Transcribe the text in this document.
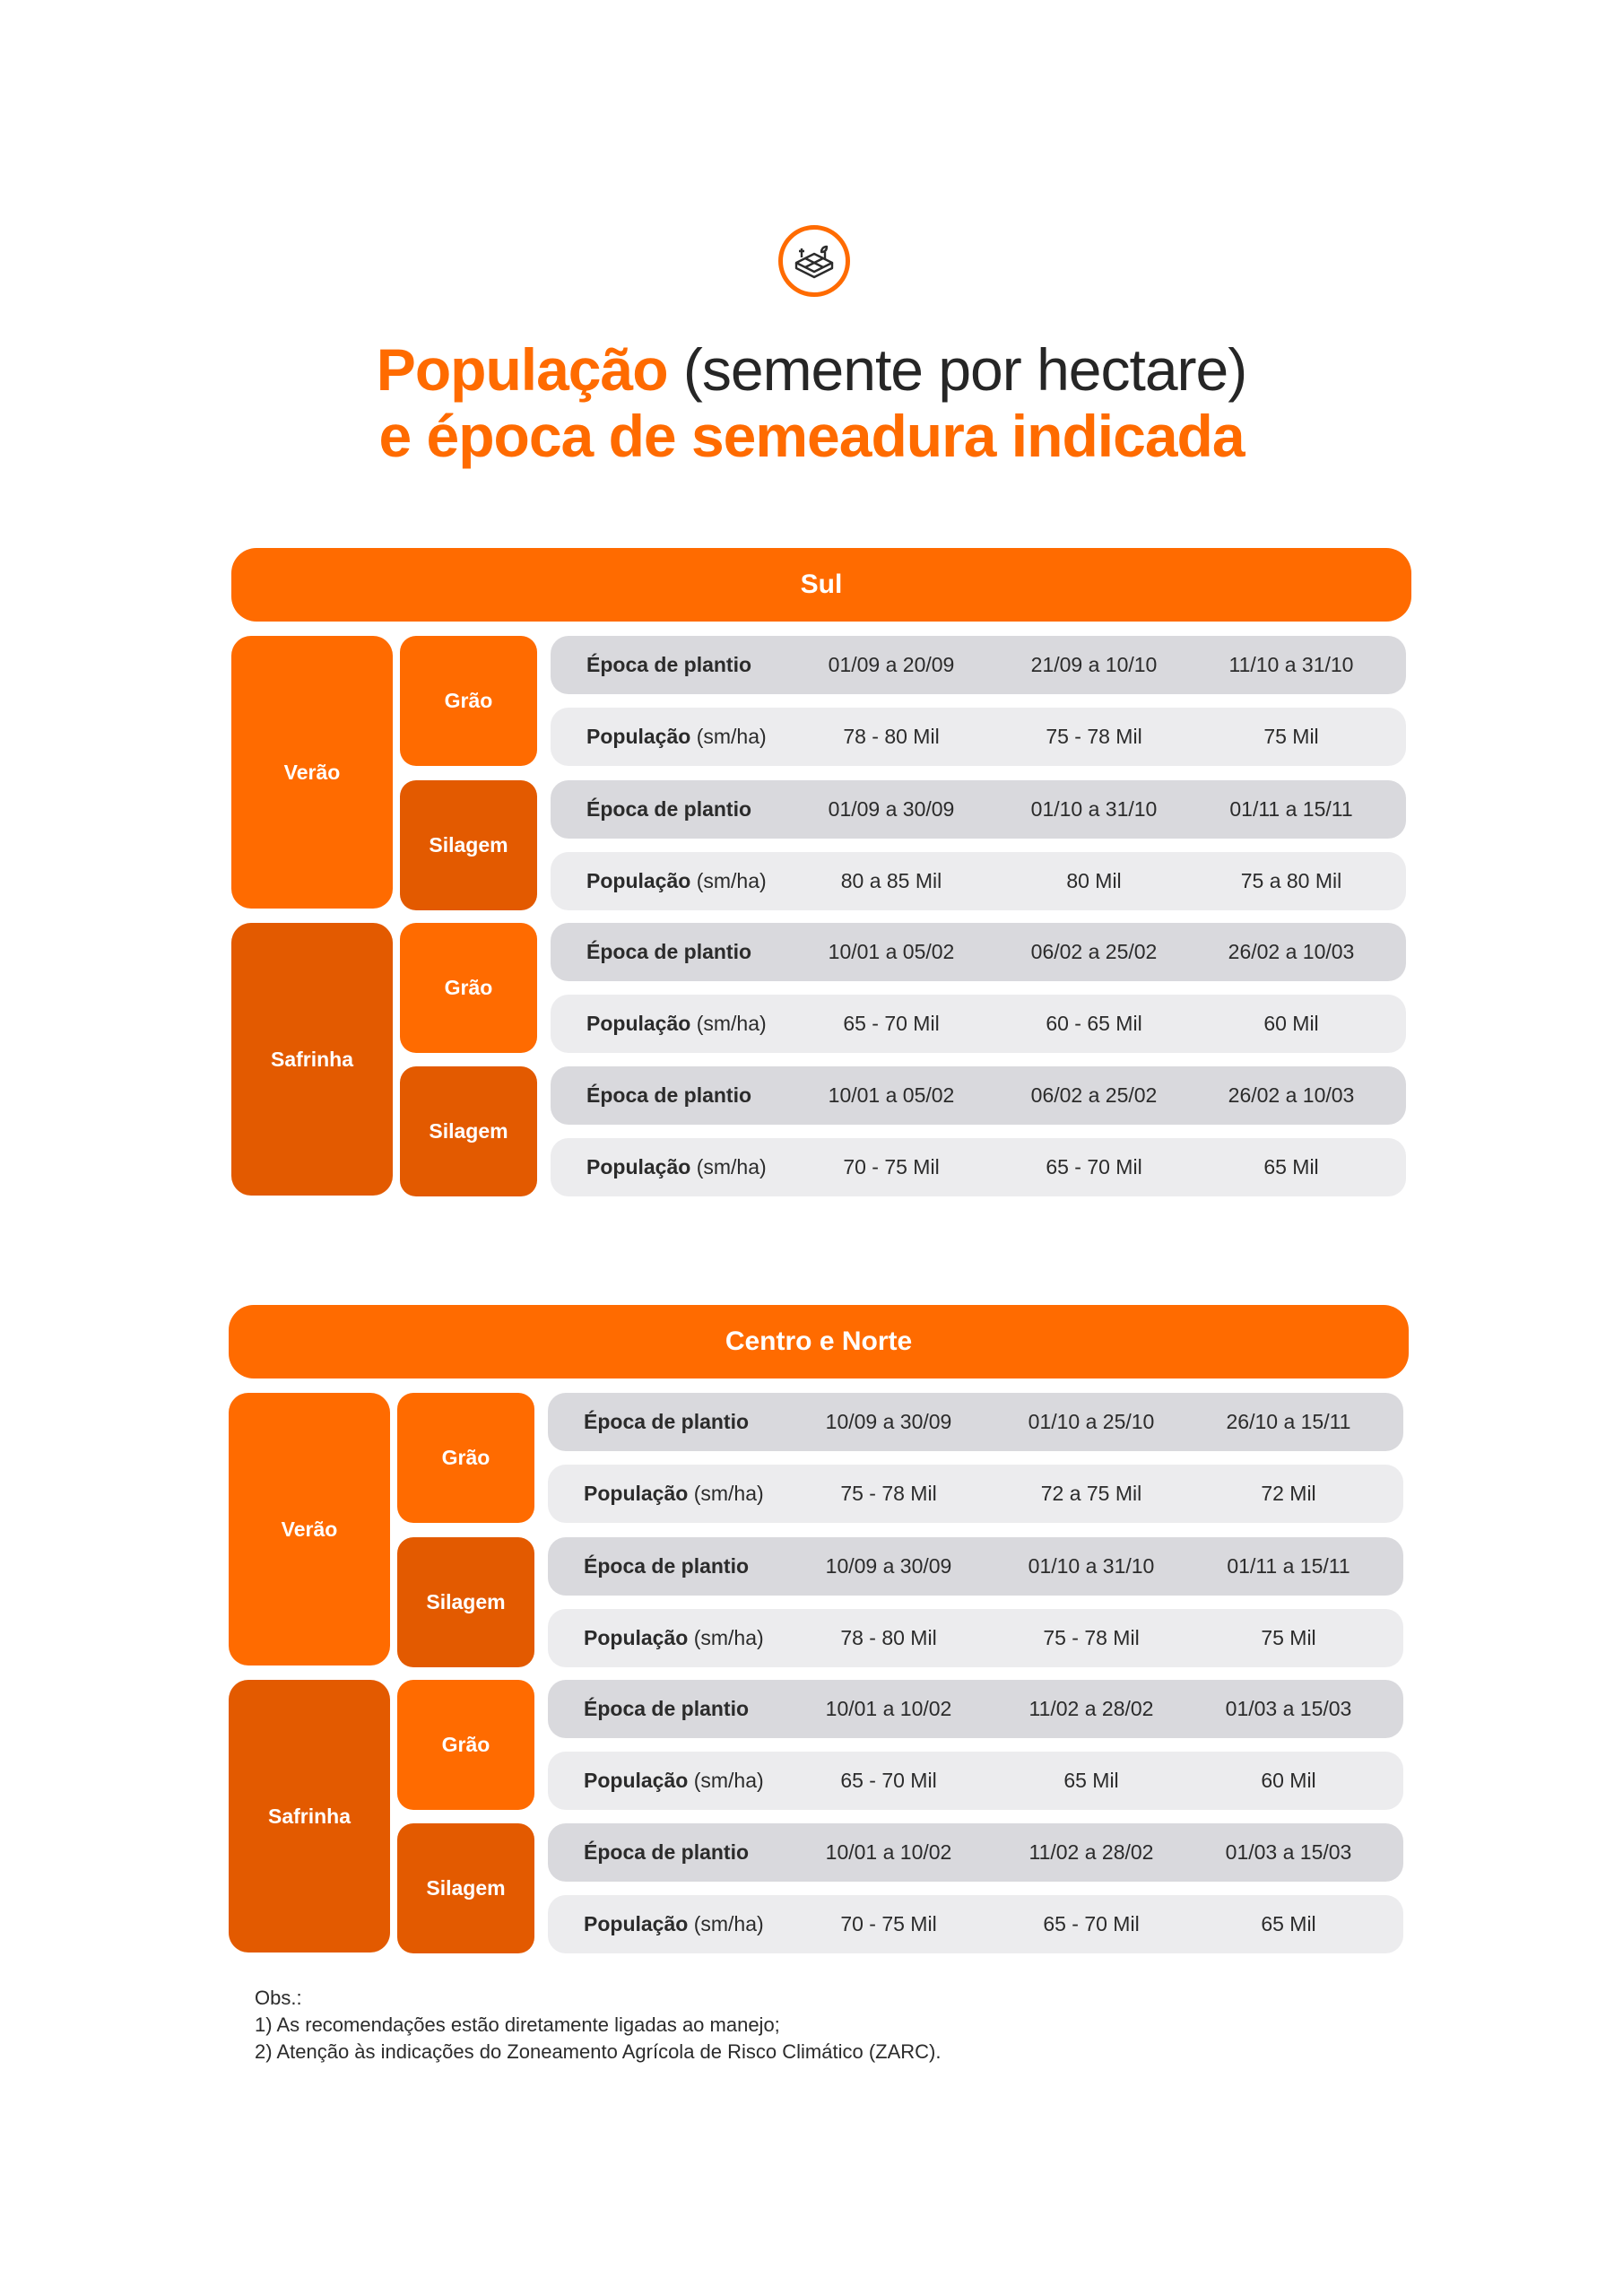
População (semente por hectare)
e época de semeadura indicada
Sul
Verão
Grão
Época de plantio	01/09 a 20/09	21/09 a 10/10	11/10 a 31/10
População (sm/ha)	78 - 80 Mil	75 - 78 Mil	75 Mil
Silagem
Época de plantio	01/09 a 30/09	01/10 a 31/10	01/11 a 15/11
População (sm/ha)	80 a 85 Mil	80 Mil	75 a 80 Mil
Safrinha
Grão
Época de plantio	10/01 a 05/02	06/02 a 25/02	26/02 a 10/03
População (sm/ha)	65 - 70 Mil	60 - 65 Mil	60 Mil
Silagem
Época de plantio	10/01 a 05/02	06/02 a 25/02	26/02 a 10/03
População (sm/ha)	70 - 75 Mil	65 - 70 Mil	65 Mil
Centro e Norte
Verão
Grão
Época de plantio	10/09 a 30/09	01/10 a 25/10	26/10 a 15/11
População (sm/ha)	75 - 78 Mil	72 a 75 Mil	72 Mil
Silagem
Época de plantio	10/09 a 30/09	01/10 a 31/10	01/11 a 15/11
População (sm/ha)	78 - 80 Mil	75 - 78 Mil	75 Mil
Safrinha
Grão
Época de plantio	10/01 a 10/02	11/02 a 28/02	01/03 a 15/03
População (sm/ha)	65 - 70 Mil	65 Mil	60 Mil
Silagem
Época de plantio	10/01 a 10/02	11/02 a 28/02	01/03 a 15/03
População (sm/ha)	70 - 75 Mil	65 - 70 Mil	65 Mil
Obs.:
1) As recomendações estão diretamente ligadas ao manejo;
2) Atenção às indicações do Zoneamento Agrícola de Risco Climático (ZARC).
